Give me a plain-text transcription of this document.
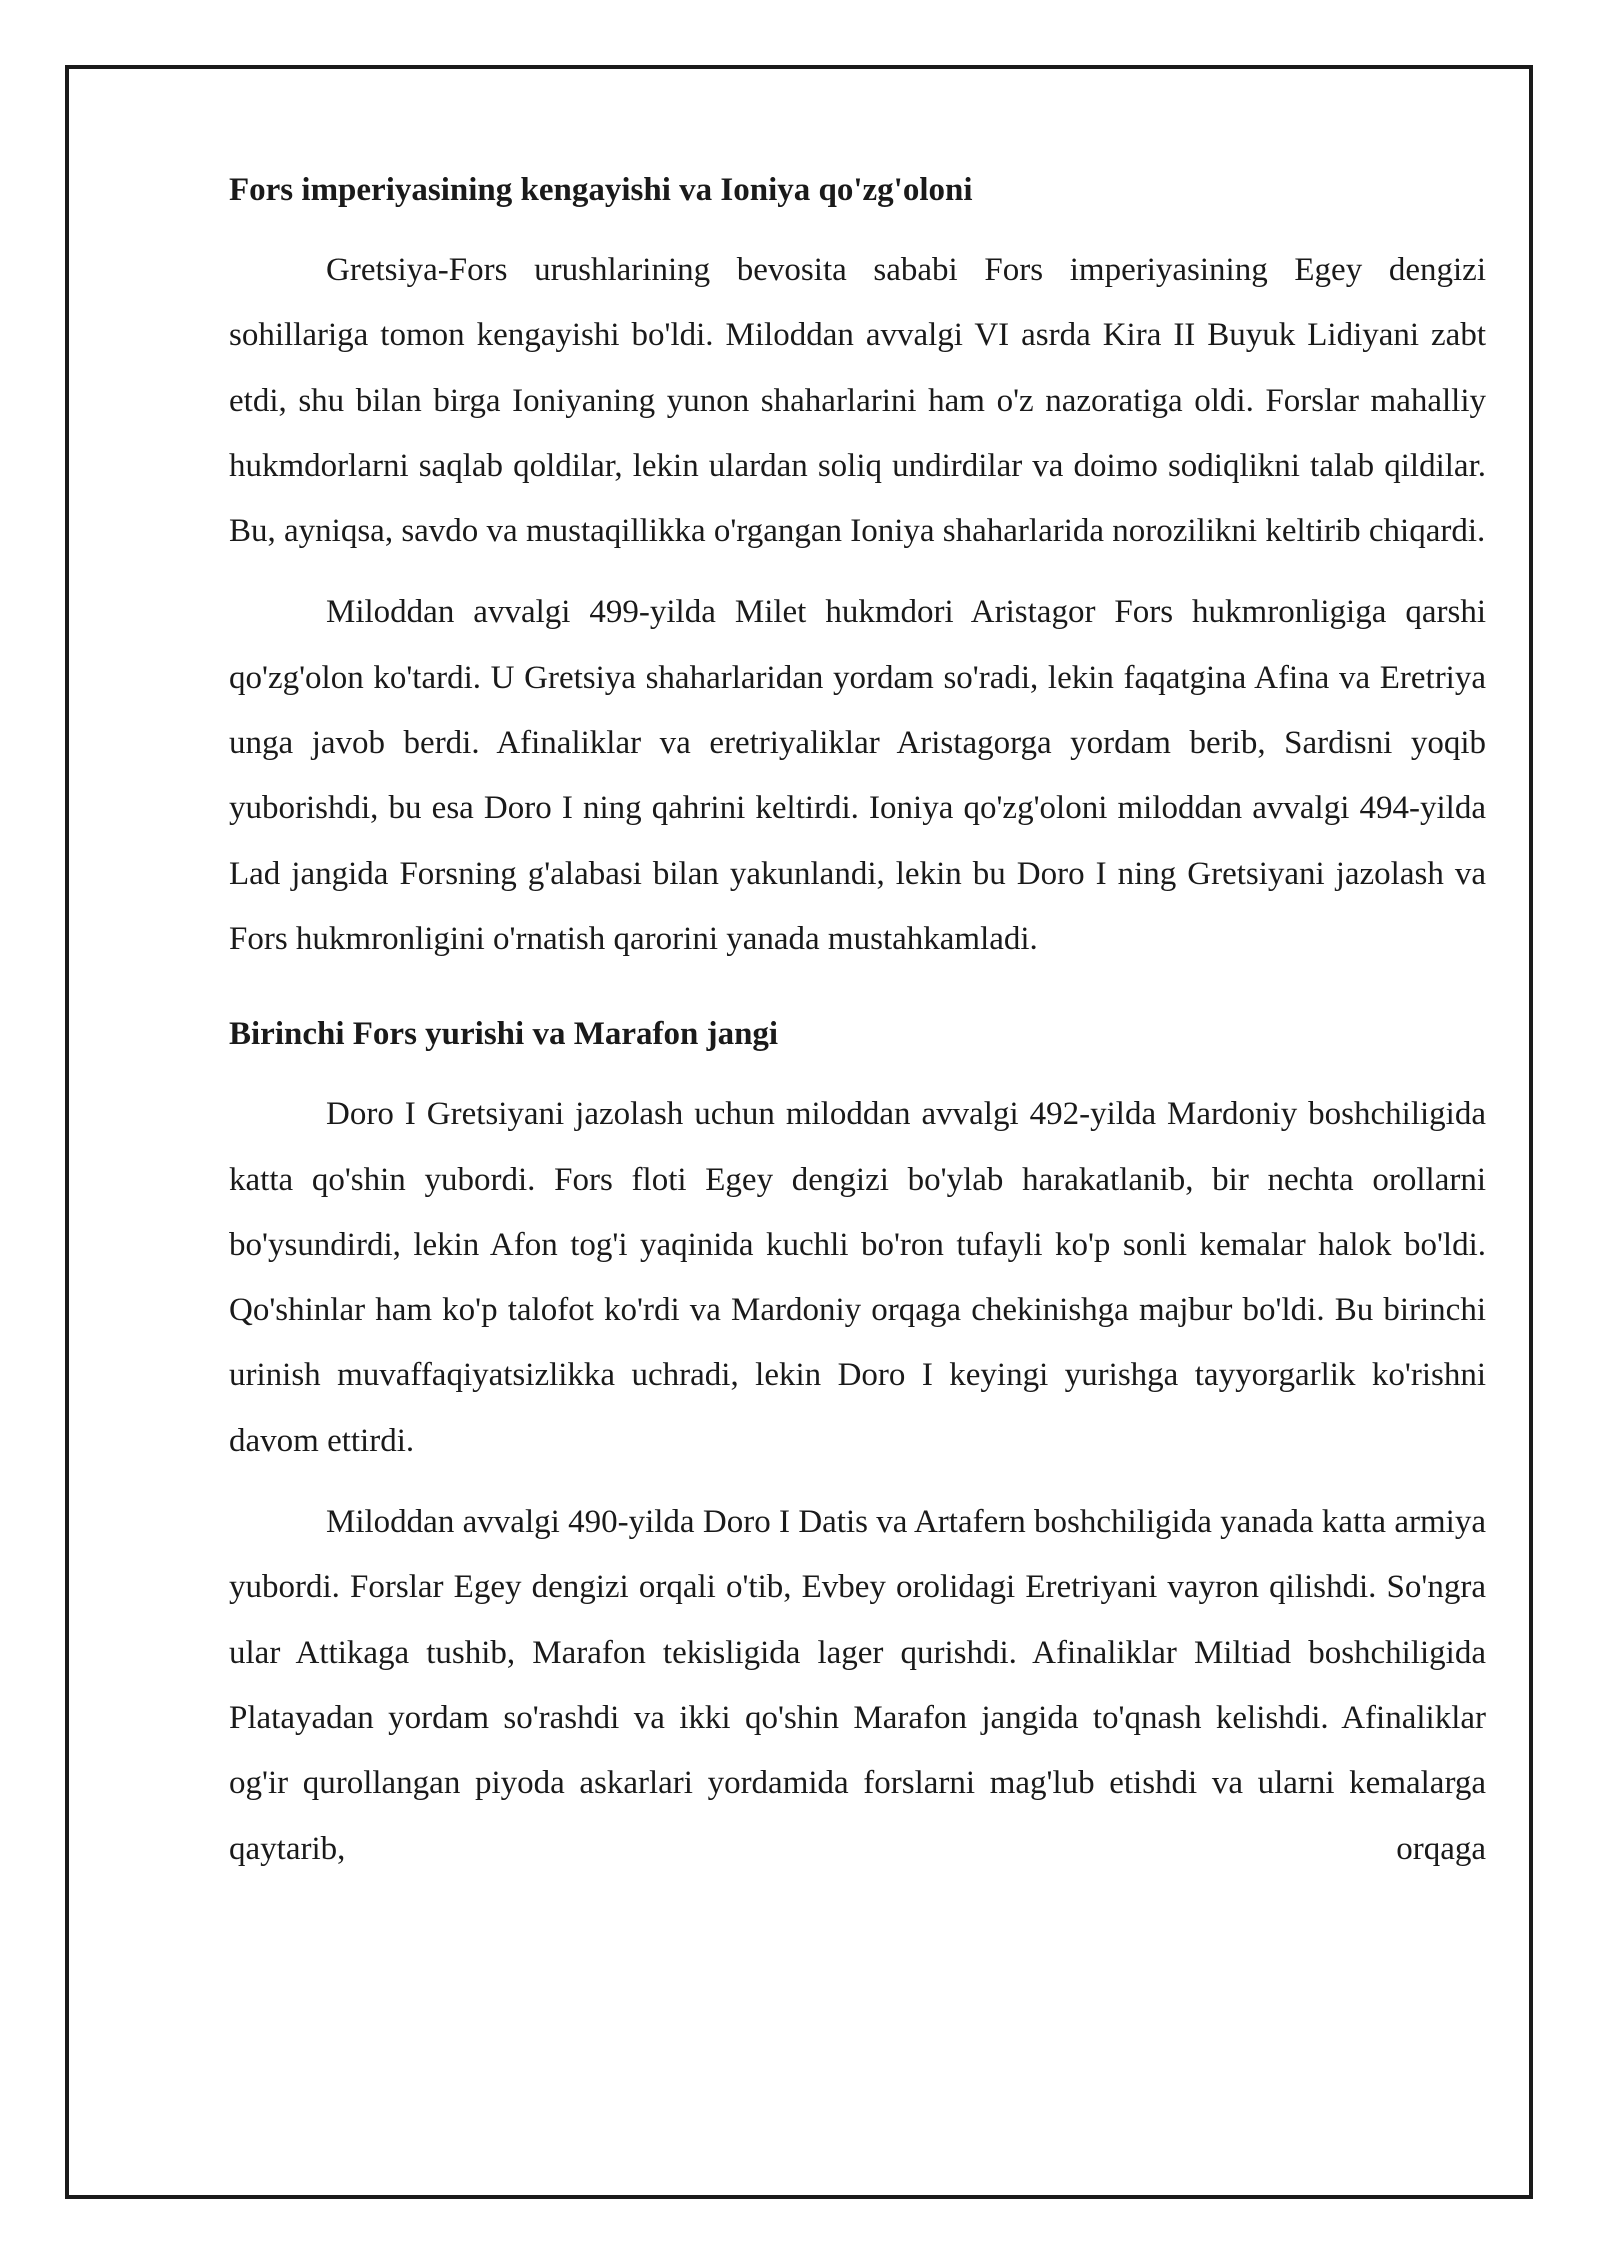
Fors imperiyasining kengayishi va Ioniya qo'zg'oloni

Gretsiya-Fors urushlarining bevosita sababi Fors imperiyasining Egey dengizi sohillariga tomon kengayishi bo'ldi. Miloddan avvalgi VI asrda Kira II Buyuk Lidiyani zabt etdi, shu bilan birga Ioniyaning yunon shaharlarini ham o'z nazoratiga oldi. Forslar mahalliy hukmdorlarni saqlab qoldilar, lekin ulardan soliq undirdilar va doimo sodiqlikni talab qildilar. Bu, ayniqsa, savdo va mustaqillikka o'rgangan Ioniya shaharlarida norozilikni keltirib chiqardi.

Miloddan avvalgi 499-yilda Milet hukmdori Aristagor Fors hukmronligiga qarshi qo'zg'olon ko'tardi. U Gretsiya shaharlaridan yordam so'radi, lekin faqatgina Afina va Eretriya unga javob berdi. Afinaliklar va eretriyaliklar Aristagorga yordam berib, Sardisni yoqib yuborishdi, bu esa Doro I ning qahrini keltirdi. Ioniya qo'zg'oloni miloddan avvalgi 494-yilda Lad jangida Forsning g'alabasi bilan yakunlandi, lekin bu Doro I ning Gretsiyani jazolash va Fors hukmronligini o'rnatish qarorini yanada mustahkamladi.

Birinchi Fors yurishi va Marafon jangi

Doro I Gretsiyani jazolash uchun miloddan avvalgi 492-yilda Mardoniy boshchiligida katta qo'shin yubordi. Fors floti Egey dengizi bo'ylab harakatlanib, bir nechta orollarni bo'ysundirdi, lekin Afon tog'i yaqinida kuchli bo'ron tufayli ko'p sonli kemalar halok bo'ldi. Qo'shinlar ham ko'p talofot ko'rdi va Mardoniy orqaga chekinishga majbur bo'ldi. Bu birinchi urinish muvaffaqiyatsizlikka uchradi, lekin Doro I keyingi yurishga tayyorgarlik ko'rishni davom ettirdi.

Miloddan avvalgi 490-yilda Doro I Datis va Artafern boshchiligida yanada katta armiya yubordi. Forslar Egey dengizi orqali o'tib, Evbey orolidagi Eretriyani vayron qilishdi. So'ngra ular Attikaga tushib, Marafon tekisligida lager qurishdi. Afinaliklar Miltiad boshchiligida Platayadan yordam so'rashdi va ikki qo'shin Marafon jangida to'qnash kelishdi. Afinaliklar og'ir qurollangan piyoda askarlari yordamida forslarni mag'lub etishdi va ularni kemalarga qaytarib, orqaga
